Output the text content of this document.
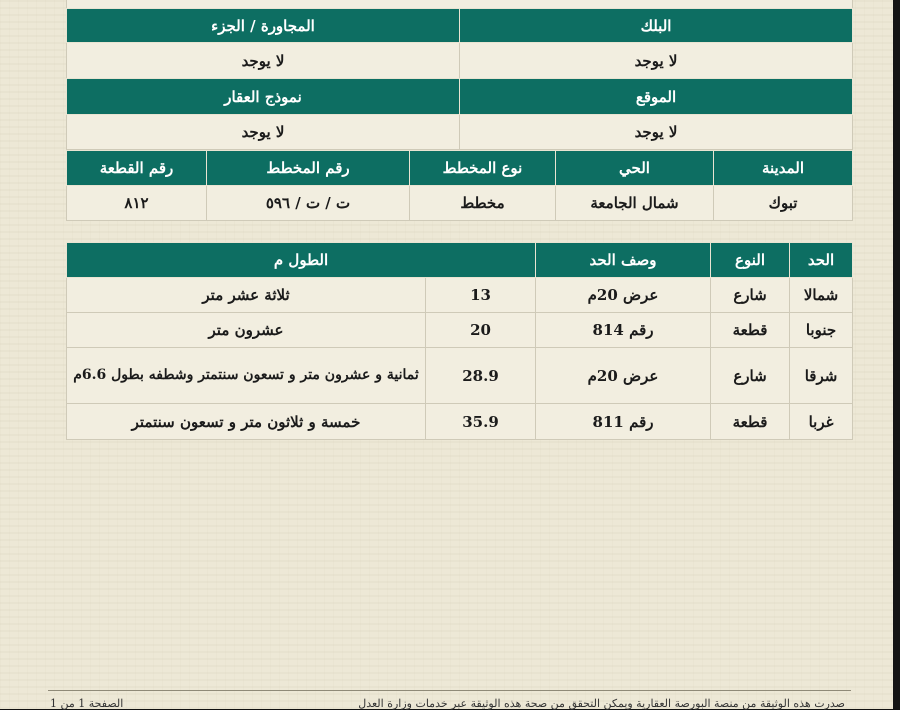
البلك	المجاورة / الجزء
لا يوجد	لا يوجد
الموقع	نموذج العقار
لا يوجد	لا يوجد
المدينة	الحي	نوع المخطط	رقم المخطط	رقم القطعة
تبوك	شمال الجامعة	مخطط	ت / ت / ٥٩٦	٨١٢
الحد	النوع	وصف الحد	الطول م	
شمالا	شارع	عرض 20م	13	ثلاثة عشر متر
جنوبا	قطعة	رقم 814	20	عشرون متر
شرقا	شارع	عرض 20م	28.9	ثمانية و عشرون متر و تسعون سنتمتر وشطفه بطول 6.6م
غربا	قطعة	رقم 811	35.9	خمسة و ثلاثون متر و تسعون سنتمتر
صدرت هذه الوثيقة من منصة البورصة العقارية ويمكن التحقق من صحة هذه الوثيقة عبر خدمات وزارة العدل
الصفحة 1 من 1
